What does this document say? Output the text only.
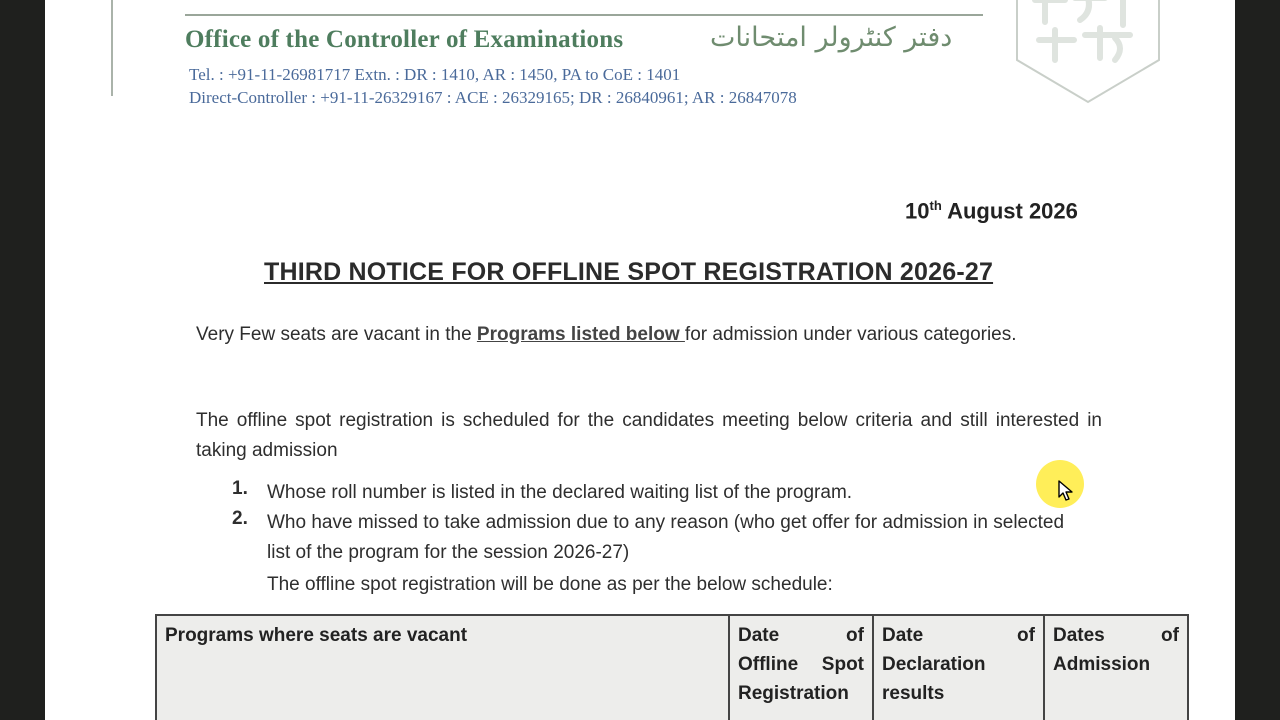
Office of the Controller of Examinations	دفتر کنٹرولر امتحانات
Tel. : +91-11-26981717 Extn. : DR : 1410, AR : 1450, PA to CoE : 1401
Direct-Controller : +91-11-26329167 : ACE : 26329165; DR : 26840961; AR : 26847078
10th August 2026
THIRD NOTICE FOR OFFLINE SPOT REGISTRATION 2026-27
Very Few seats are vacant in the Programs listed below for admission under various categories.
The offline spot registration is scheduled for the candidates meeting below criteria and still interested in taking admission
1. Whose roll number is listed in the declared waiting list of the program.
2. Who have missed to take admission due to any reason (who get offer for admission in selected list of the program for the session 2026-27)
The offline spot registration will be done as per the below schedule:
Programs where seats are vacant	Date of Offline Spot Registration	Date of Declaration results	Dates of Admission
